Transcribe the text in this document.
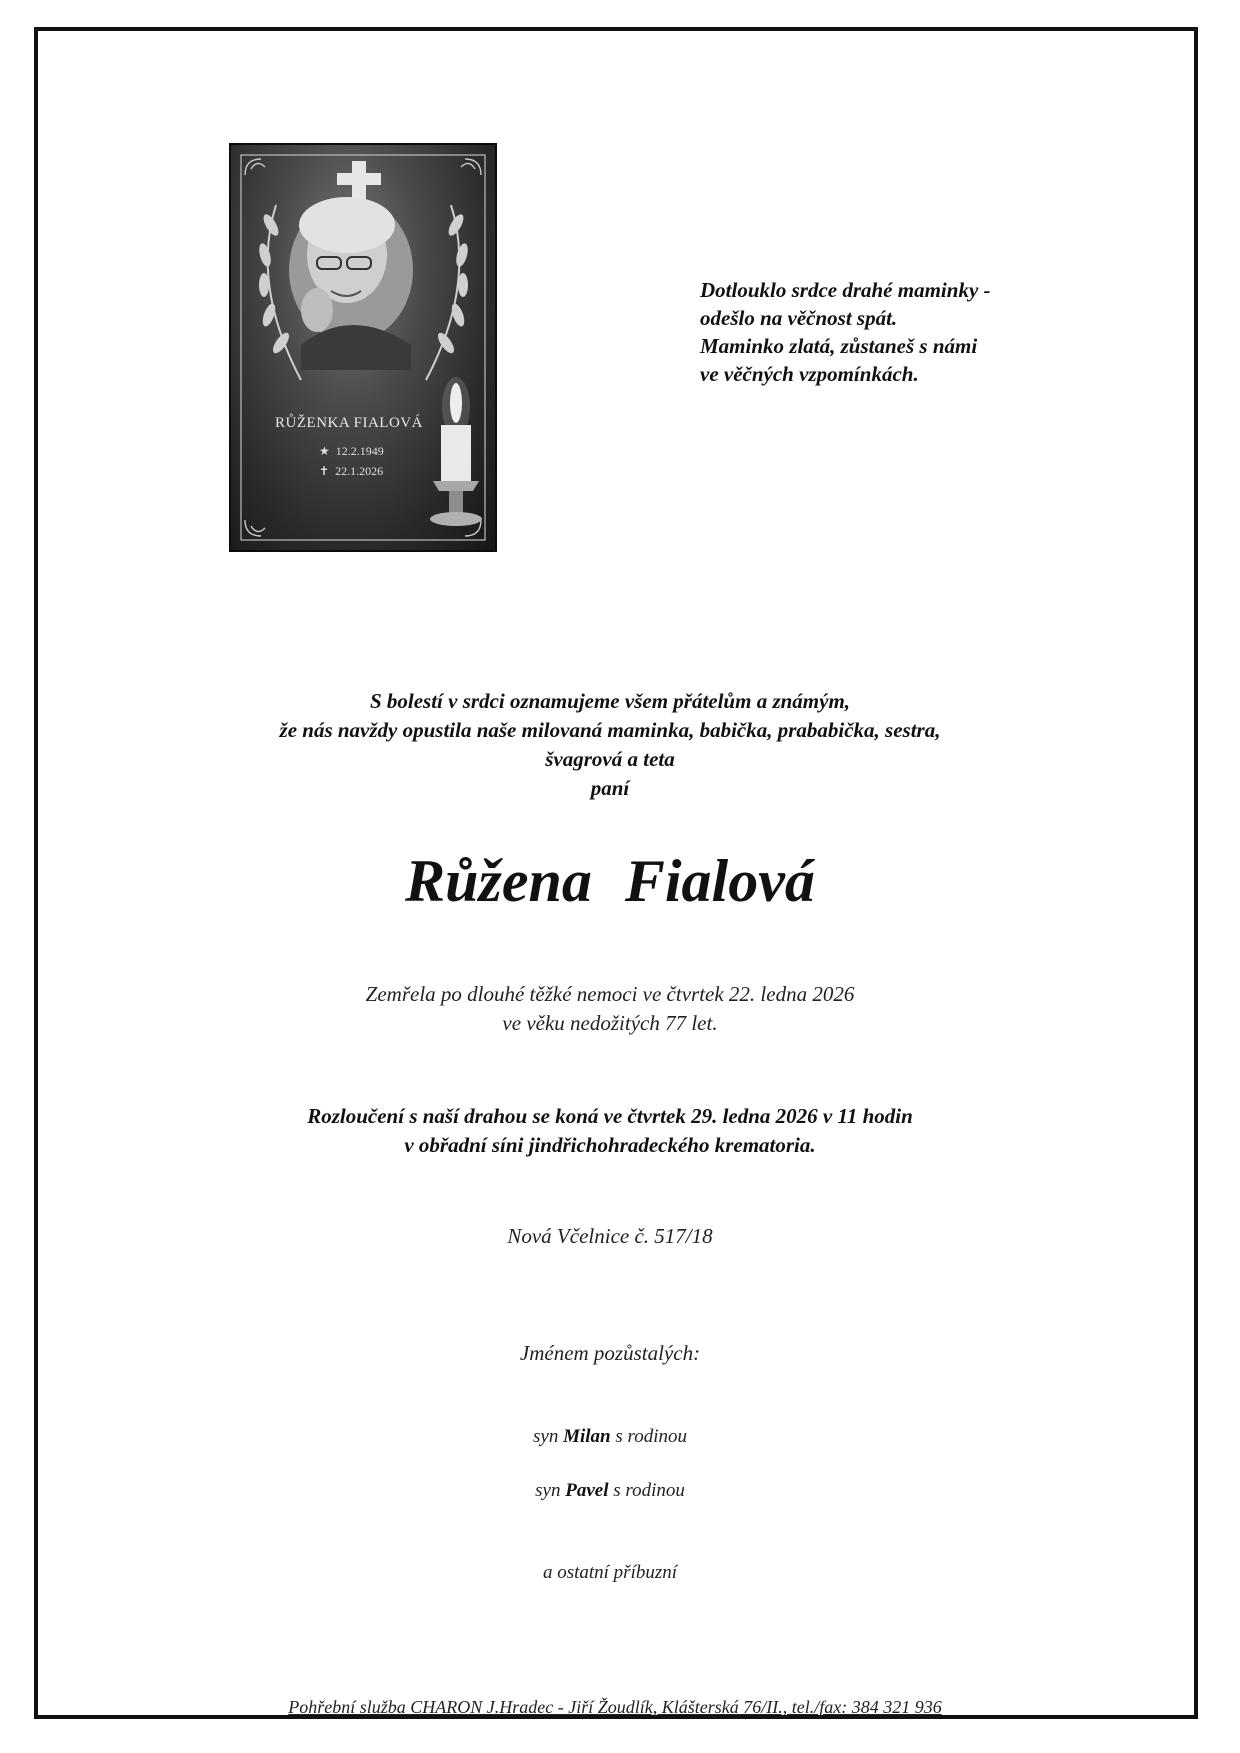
RŮŽENKA FIALOVÁ
★ 12.2.1949
✝ 22.1.2026
Dotlouklo srdce drahé maminky -
odešlo na věčnost spát.
Maminko zlatá, zůstaneš s námi
ve věčných vzpomínkách.
S bolestí v srdci oznamujeme všem přátelům a známým,
že nás navždy opustila naše milovaná maminka, babička, prababička, sestra,
švagrová a teta
paní
Růžena Fialová
Zemřela po dlouhé těžké nemoci ve čtvrtek 22. ledna 2026
ve věku nedožitých 77 let.
Rozloučení s naší drahou se koná ve čtvrtek 29. ledna 2026 v 11 hodin
v obřadní síni jindřichohradeckého krematoria.
Nová Včelnice č. 517/18
Jménem pozůstalých:
syn Milan s rodinou
syn Pavel s rodinou
a ostatní příbuzní
Pohřební služba CHARON J.Hradec - Jiří Žoudlík, Klášterská 76/II., tel./fax: 384 321 936
